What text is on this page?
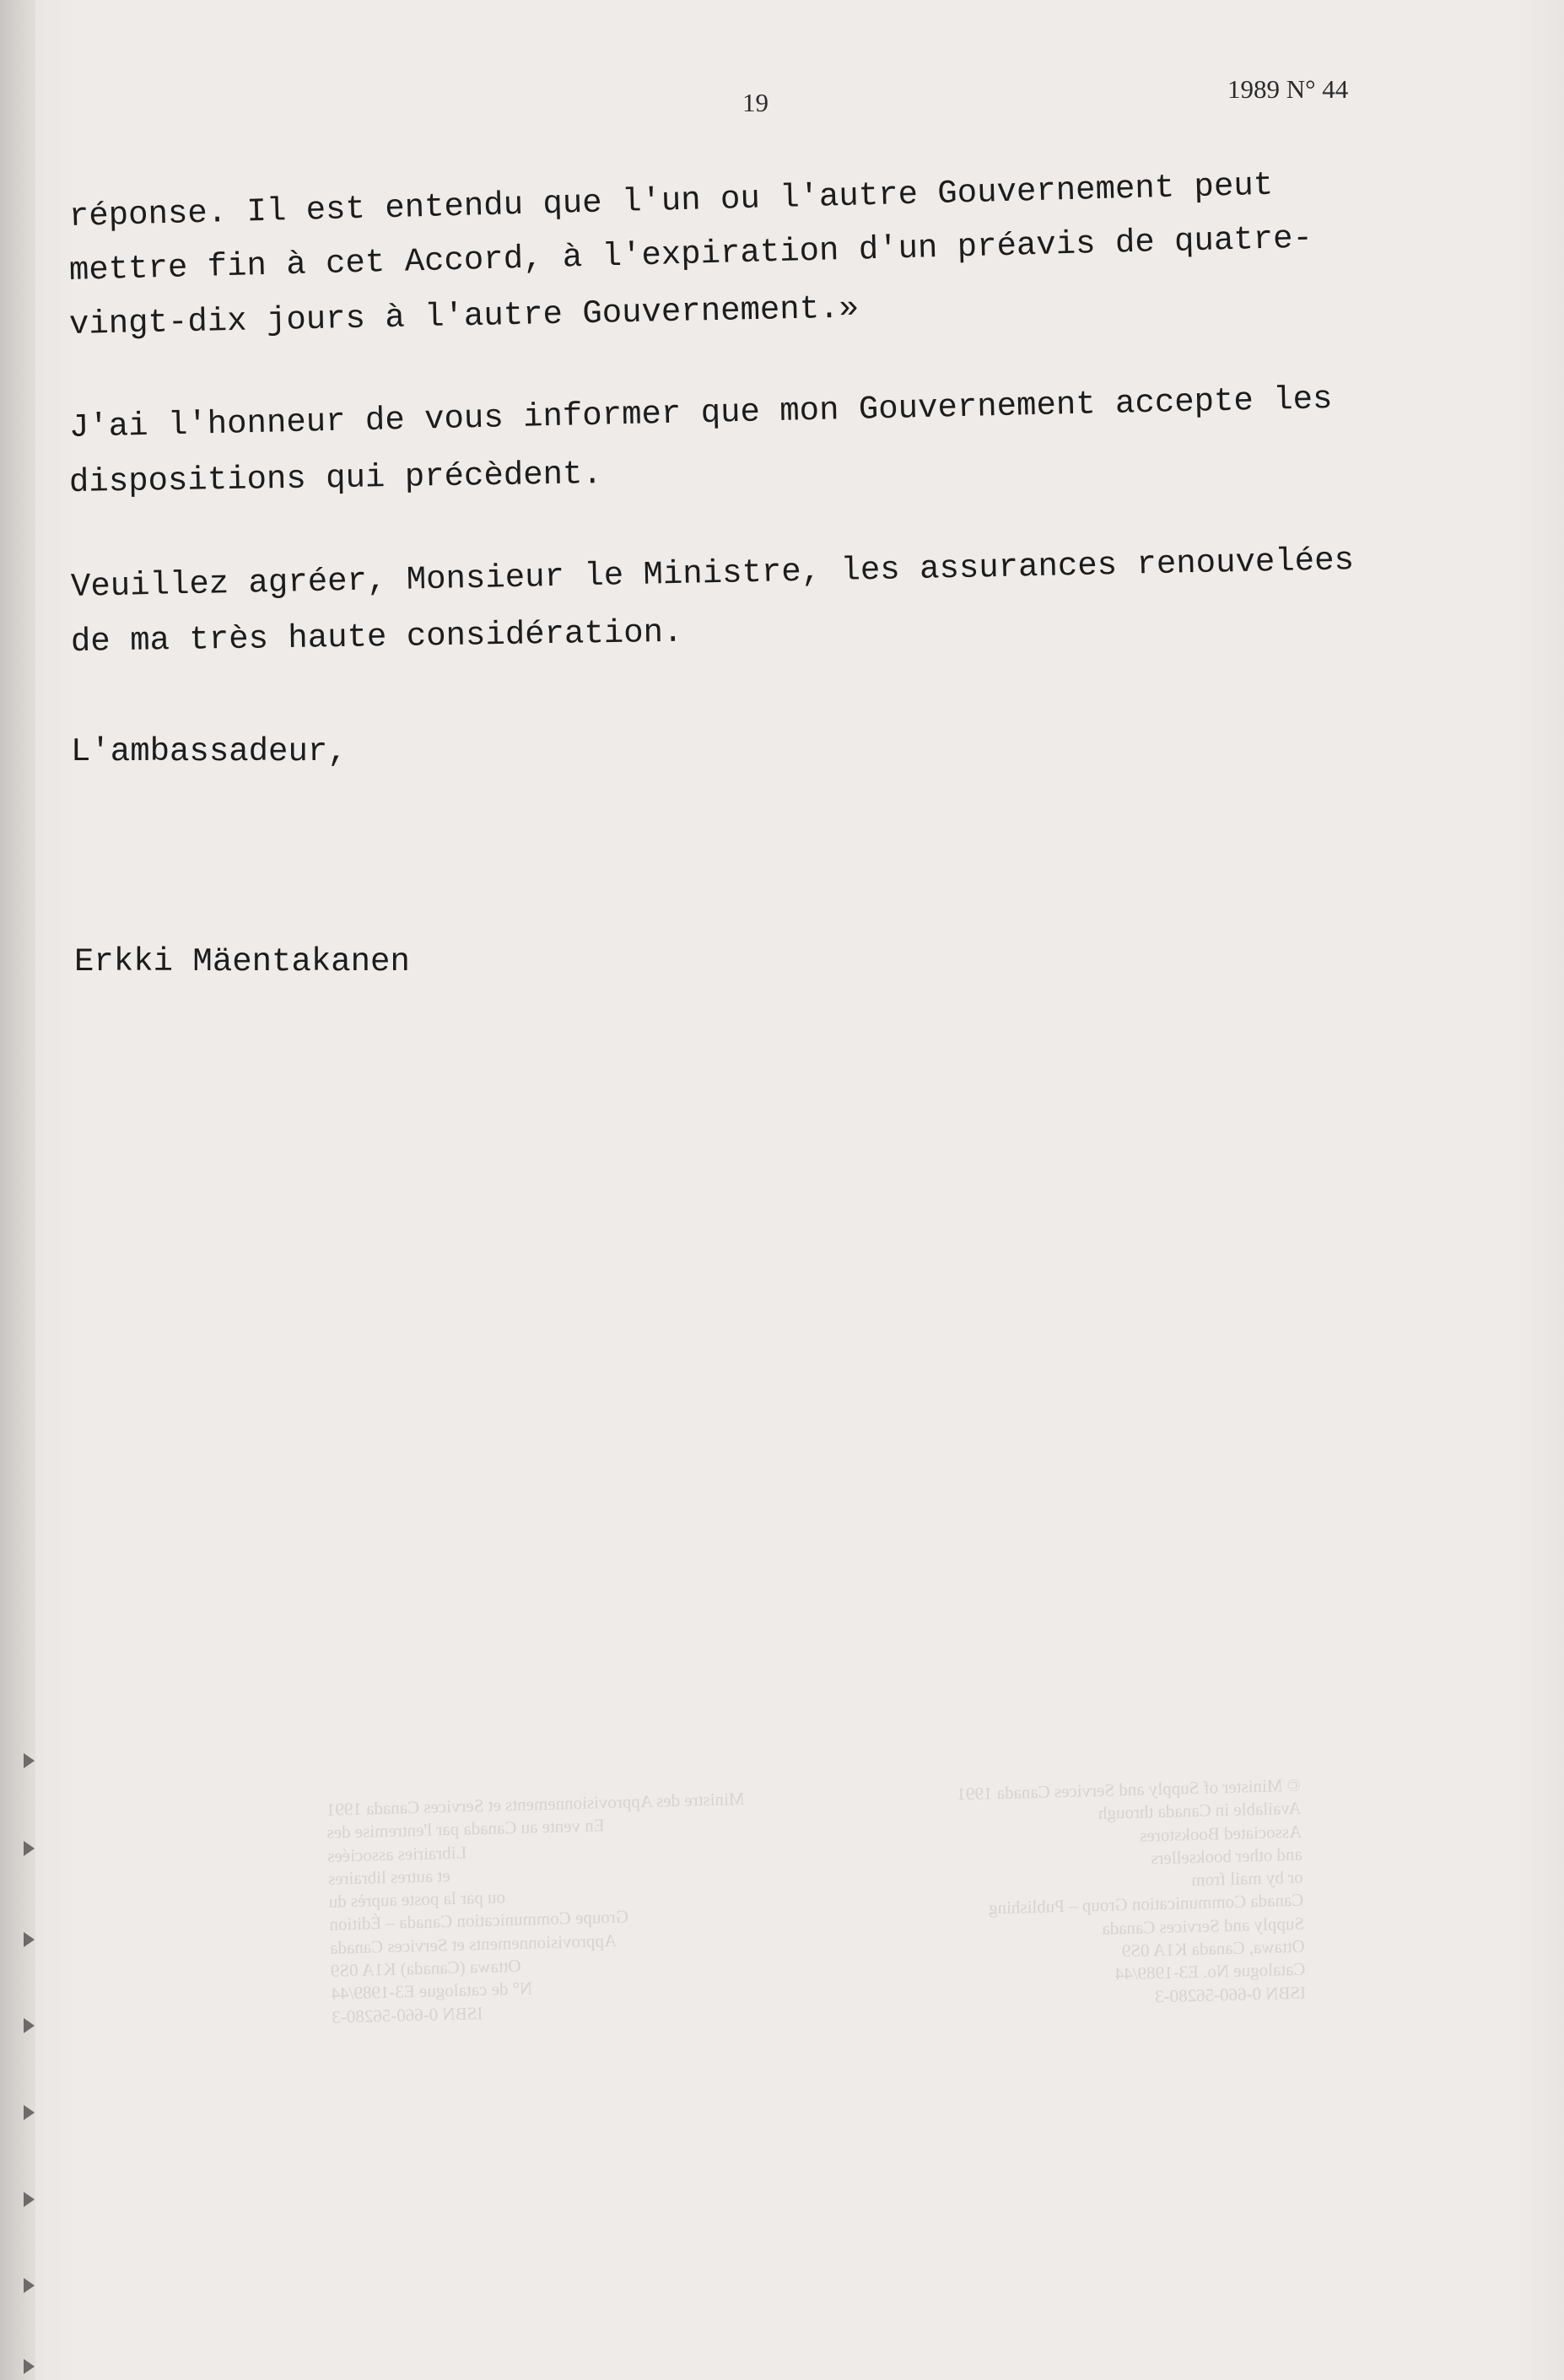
19	1989 N° 44
réponse. Il est entendu que l'un ou l'autre Gouvernement peut
mettre fin à cet Accord, à l'expiration d'un préavis de quatre-
vingt-dix jours à l'autre Gouvernement.»
J'ai l'honneur de vous informer que mon Gouvernement accepte les
dispositions qui précèdent.
Veuillez agréer, Monsieur le Ministre, les assurances renouvelées
de ma très haute considération.
L'ambassadeur,
Erkki Mäentakanen
Ministre des Approvisionnements et Services Canada 1991
En vente au Canada par l'entremise des
Librairies associées
et autres libraires
ou par la poste auprès du
Groupe Communication Canada – Édition
Approvisionnements et Services Canada
Ottawa (Canada) K1A 0S9
N° de catalogue E3-1989/44
ISBN 0-660-56280-3
© Minister of Supply and Services Canada 1991
Available in Canada through
Associated Bookstores
and other booksellers
or by mail from
Canada Communication Group – Publishing
Supply and Services Canada
Ottawa, Canada K1A 0S9
Catalogue No. E3-1989/44
ISBN 0-660-56280-3
